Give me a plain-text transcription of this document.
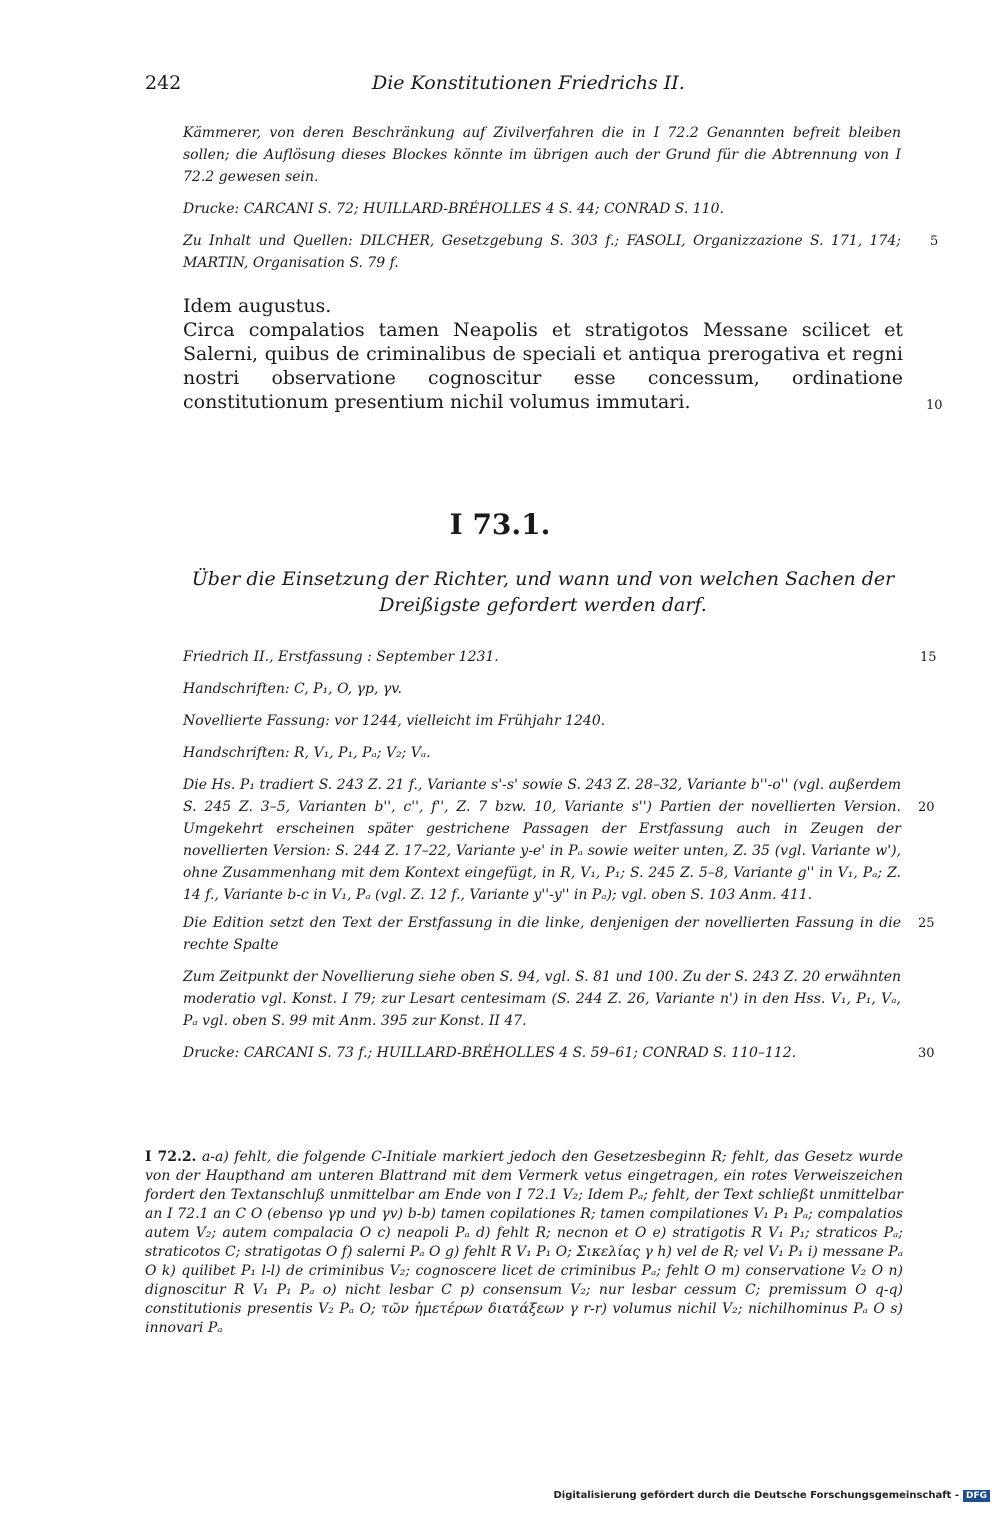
242	Die Konstitutionen Friedrichs II.
Kämmerer, von deren Beschränkung auf Zivilverfahren die in I 72.2 Genannten befreit bleiben sollen; die Auflösung dieses Blockes könnte im übrigen auch der Grund für die Abtrennung von I 72.2 gewesen sein.
Drucke: CARCANI S. 72; HUILLARD-BRÉHOLLES 4 S. 44; CONRAD S. 110.
Zu Inhalt und Quellen: DILCHER, Gesetzgebung S. 303 f.; FASOLI, Organizzazione S. 171, 174; MARTIN, Organisation S. 79 f.
5
Idem augustus.
Circa compalatios tamen Neapolis et stratigotos Messane scilicet et Salerni, quibus de criminalibus de speciali et antiqua prerogativa et regni nostri observatione cognoscitur esse concessum, ordinatione constitutionum presentium nichil volumus immutari.	10
I 73.1.
Über die Einsetzung der Richter, und wann und von welchen Sachen der Dreißigste gefordert werden darf.
Friedrich II., Erstfassung : September 1231.	15
Handschriften: C, P₁, O, γp, γv.
Novellierte Fassung: vor 1244, vielleicht im Frühjahr 1240.
Handschriften: R, V₁, P₁, Pₐ; V₂; Vₐ.
Die Hs. P₁ tradiert S. 243 Z. 21 f., Variante s'-s' sowie S. 243 Z. 28–32, Variante b''-o'' (vgl. außerdem S. 245 Z. 3–5, Varianten b'', c'', f'', Z. 7 bzw. 10, Variante s'') Partien der novellierten Version. Umgekehrt erscheinen später gestrichene Passagen der Erstfassung auch in Zeugen der novellierten Version: S. 244 Z. 17–22, Variante y-e' in Pₐ sowie weiter unten, Z. 35 (vgl. Variante w'), ohne Zusammenhang mit dem Kontext eingefügt, in R, V₁, P₁; S. 245 Z. 5–8, Variante g'' in V₁, Pₐ; Z. 14 f., Variante b-c in V₁, Pₐ (vgl. Z. 12 f., Variante y''-y'' in Pₐ); vgl. oben S. 103 Anm. 411.
20
Die Edition setzt den Text der Erstfassung in die linke, denjenigen der novellierten Fassung in die rechte Spalte
25
Zum Zeitpunkt der Novellierung siehe oben S. 94, vgl. S. 81 und 100. Zu der S. 243 Z. 20 erwähnten moderatio vgl. Konst. I 79; zur Lesart centesimam (S. 244 Z. 26, Variante n') in den Hss. V₁, P₁, Vₐ, Pₐ vgl. oben S. 99 mit Anm. 395 zur Konst. II 47.
Drucke: CARCANI S. 73 f.; HUILLARD-BRÉHOLLES 4 S. 59–61; CONRAD S. 110–112.	30
I 72.2. a-a) fehlt, die folgende C-Initiale markiert jedoch den Gesetzesbeginn R; fehlt, das Gesetz wurde von der Haupthand am unteren Blattrand mit dem Vermerk vetus eingetragen, ein rotes Verweiszeichen fordert den Textanschluß unmittelbar am Ende von I 72.1 V₂; Idem Pₐ; fehlt, der Text schließt unmittelbar an I 72.1 an C O (ebenso γp und γv) b-b) tamen copilationes R; tamen compilationes V₁ P₁ Pₐ; compalatios autem V₂; autem compalacia O c) neapoli Pₐ d) fehlt R; necnon et O e) stratigotis R V₁ P₁; straticos Pₐ; straticotos C; stratigotas O f) salerni Pₐ O g) fehlt R V₁ P₁ O; Σικελίας γ h) vel de R; vel V₁ P₁ i) messane Pₐ O k) quilibet P₁ l-l) de criminibus V₂; cognoscere licet de criminibus Pₐ; fehlt O m) conservatione V₂ O n) dignoscitur R V₁ P₁ Pₐ o) nicht lesbar C p) consensum V₂; nur lesbar cessum C; premissum O q-q) constitutionis presentis V₂ Pₐ O; τῶν ἡμετέρων διατάξεων γ r-r) volumus nichil V₂; nichilhominus Pₐ O s) innovari Pₐ
Digitalisierung gefördert durch die Deutsche Forschungsgemeinschaft - DFG
